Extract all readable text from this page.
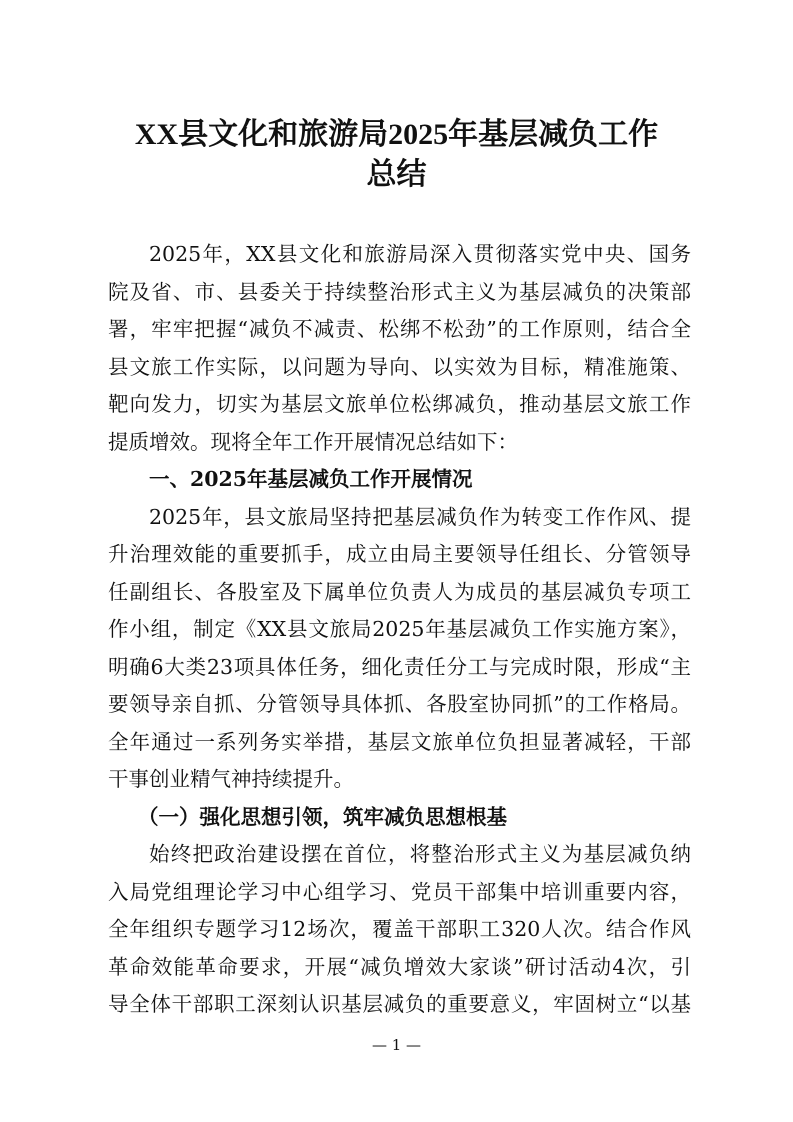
XX县文化和旅游局2025年基层减负工作
总结
2025年，XX县文化和旅游局深入贯彻落实党中央、国务
院及省、市、县委关于持续整治形式主义为基层减负的决策部
署，牢牢把握“减负不减责、松绑不松劲”的工作原则，结合全
县文旅工作实际，以问题为导向、以实效为目标，精准施策、
靶向发力，切实为基层文旅单位松绑减负，推动基层文旅工作
提质增效。现将全年工作开展情况总结如下：
一、2025年基层减负工作开展情况
2025年，县文旅局坚持把基层减负作为转变工作作风、提
升治理效能的重要抓手，成立由局主要领导任组长、分管领导
任副组长、各股室及下属单位负责人为成员的基层减负专项工
作小组，制定《XX县文旅局2025年基层减负工作实施方案》，
明确6大类23项具体任务，细化责任分工与完成时限，形成“主
要领导亲自抓、分管领导具体抓、各股室协同抓”的工作格局。
全年通过一系列务实举措，基层文旅单位负担显著减轻，干部
干事创业精气神持续提升。
（一）强化思想引领，筑牢减负思想根基
始终把政治建设摆在首位，将整治形式主义为基层减负纳
入局党组理论学习中心组学习、党员干部集中培训重要内容，
全年组织专题学习12场次，覆盖干部职工320人次。结合作风
革命效能革命要求，开展“减负增效大家谈”研讨活动4次，引
导全体干部职工深刻认识基层减负的重要意义，牢固树立“以基
— 1 —
